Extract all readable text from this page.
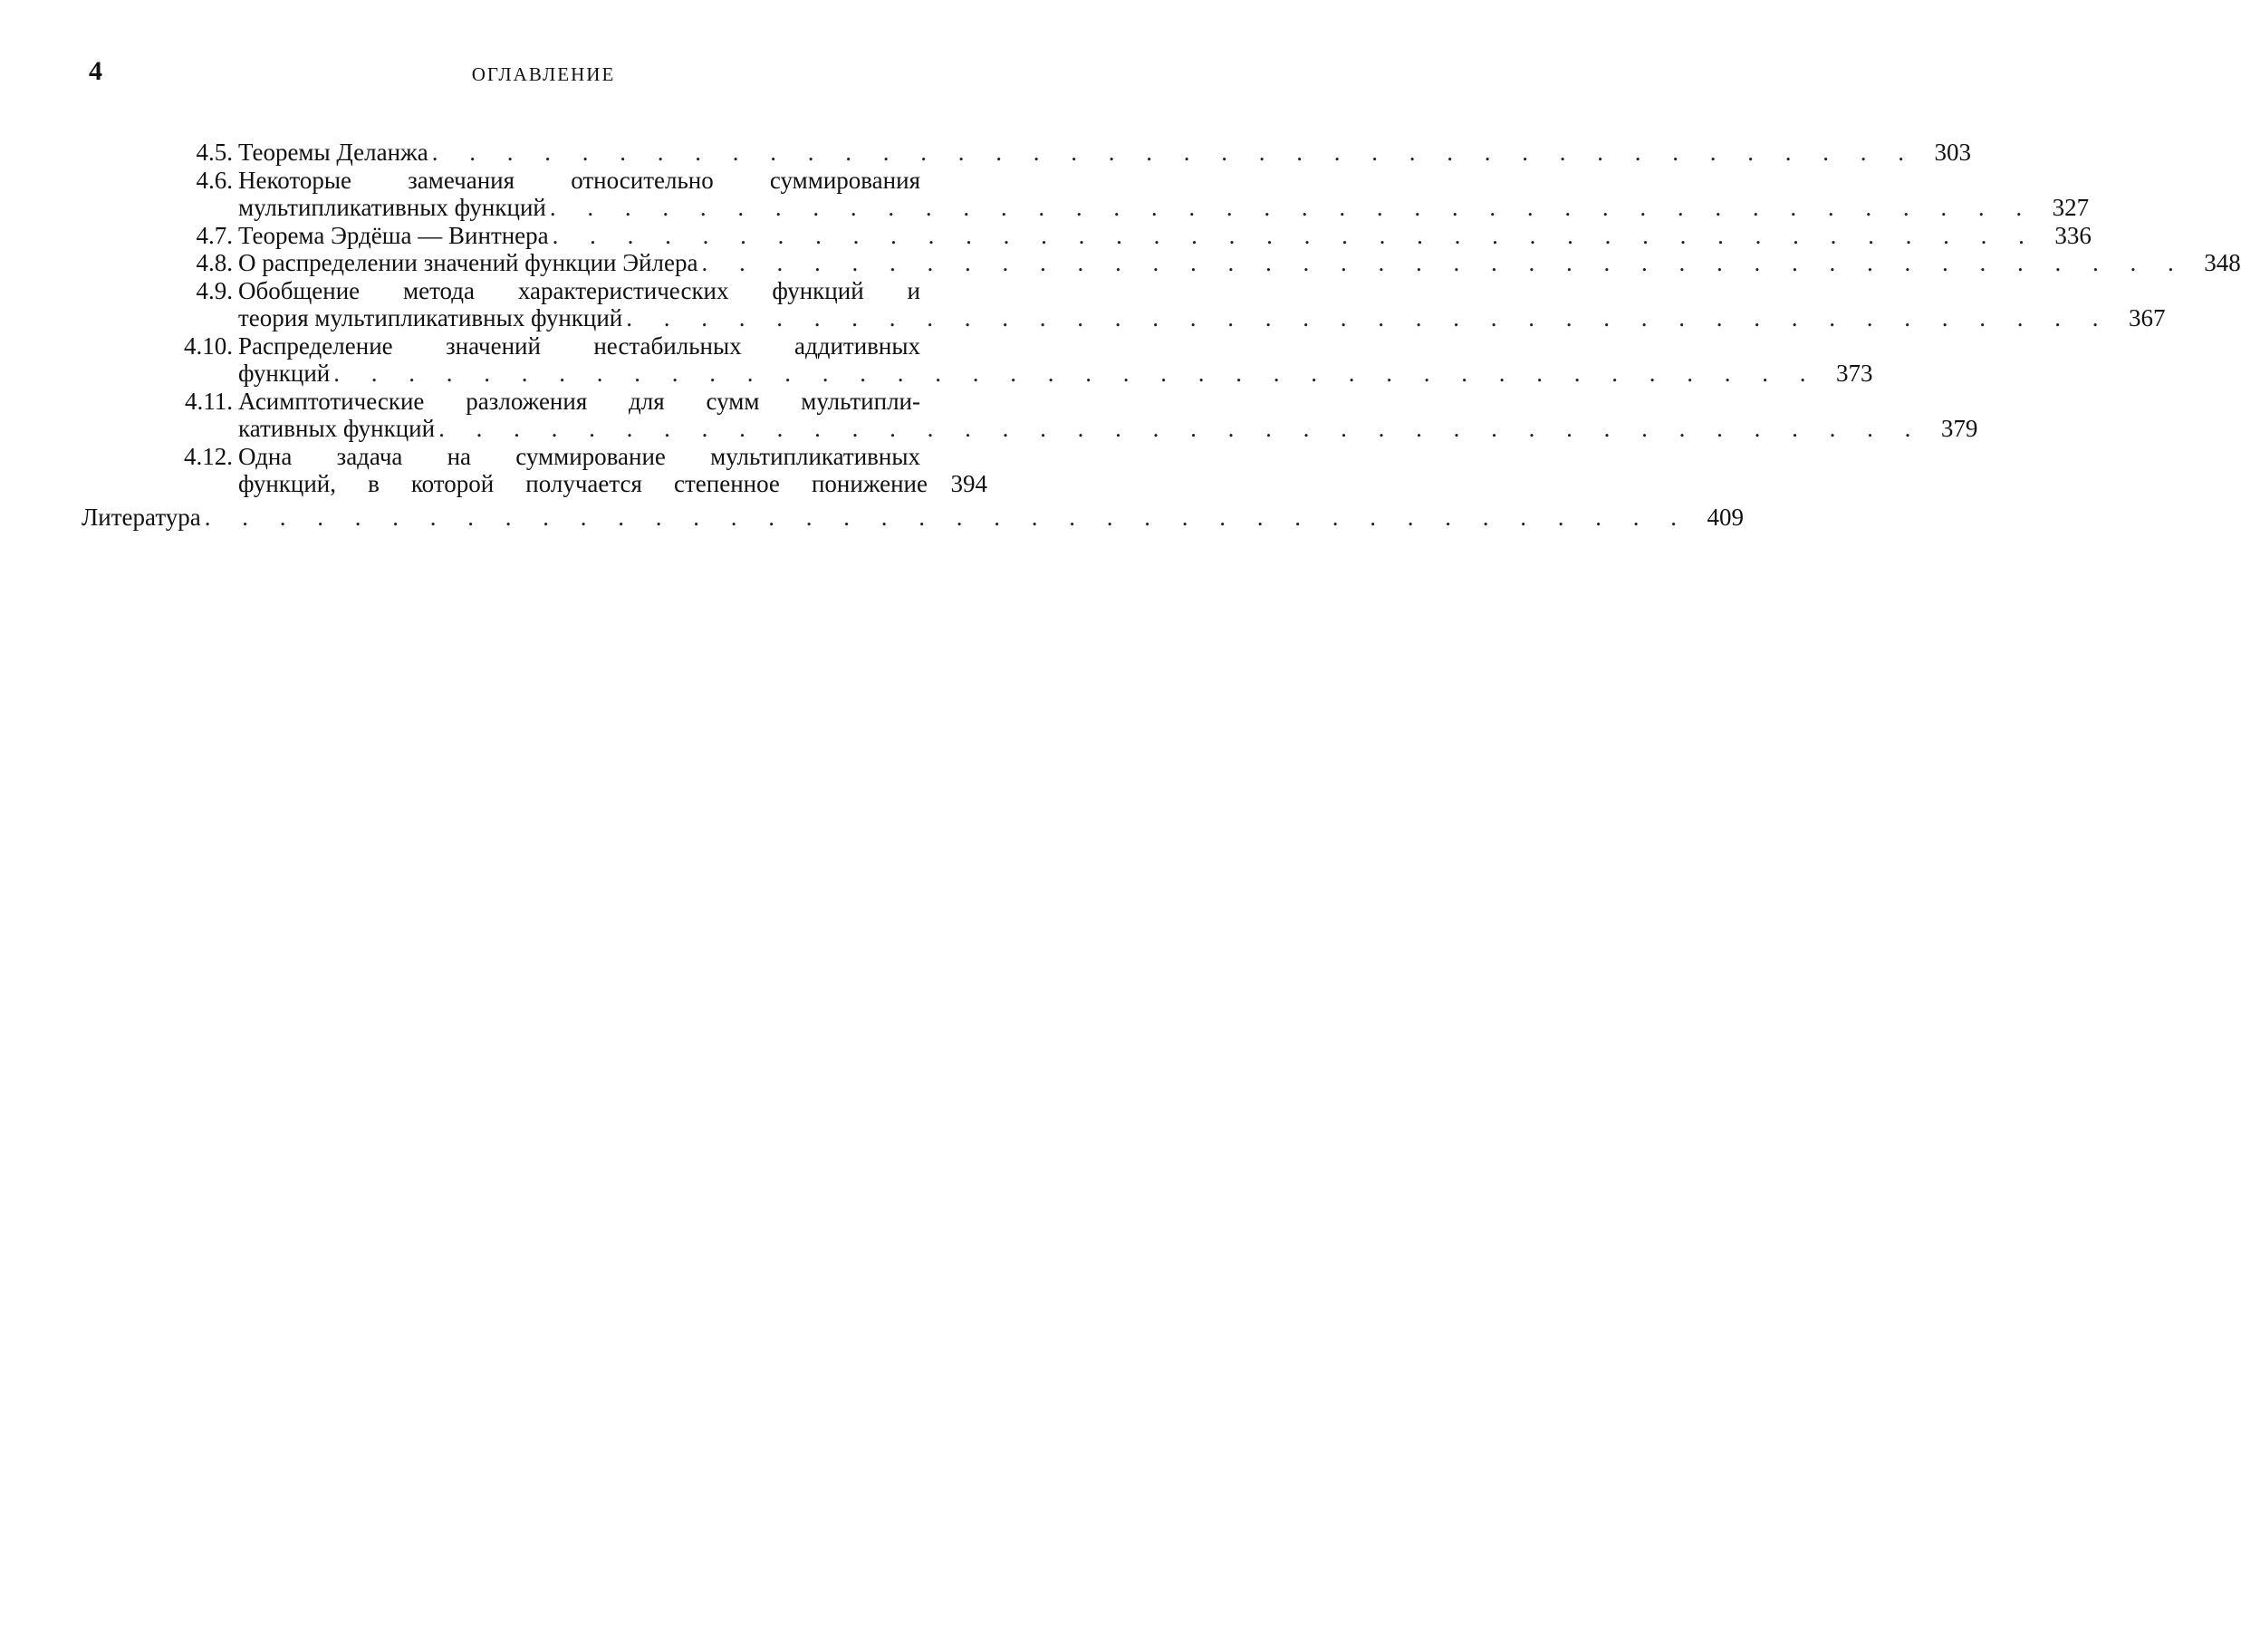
4	ОГЛАВЛЕНИЕ
4.5. Теоремы Деланжа . . . . . . . . . . . . . . . . . . . . . . . . . . . . . . . . . . . . . . . . 303
4.6. Некоторые замечания относительно суммирования
мультипликативных функций . . . . . . . . . . . . . . . . . . . . . . . . . . . . . . . . . . . . . . . . 327
4.7. Теорема Эрдёша — Винтнера . . . . . . . . . . . . . . . . . . . . . . . . . . . . . . . . . . . . . . . . 336
4.8. О распределении значений функции Эйлера . . . . . . . . . . . . . . . . . . . . . . . . . . . . . . . . . . . . . . . . 348
4.9. Обобщение метода характеристических функций и
теория мультипликативных функций . . . . . . . . . . . . . . . . . . . . . . . . . . . . . . . . . . . . . . . . 367
4.10. Распределение значений нестабильных аддитивных
функций . . . . . . . . . . . . . . . . . . . . . . . . . . . . . . . . . . . . . . . . 373
4.11. Асимптотические разложения для сумм мультипли-
кативных функций . . . . . . . . . . . . . . . . . . . . . . . . . . . . . . . . . . . . . . . . 379
4.12. Одна задача на суммирование мультипликативных
функций, в которой получается степенное понижение 394
Литература . . . . . . . . . . . . . . . . . . . . . . . . . . . . . . . . . . . . . . . . 409
